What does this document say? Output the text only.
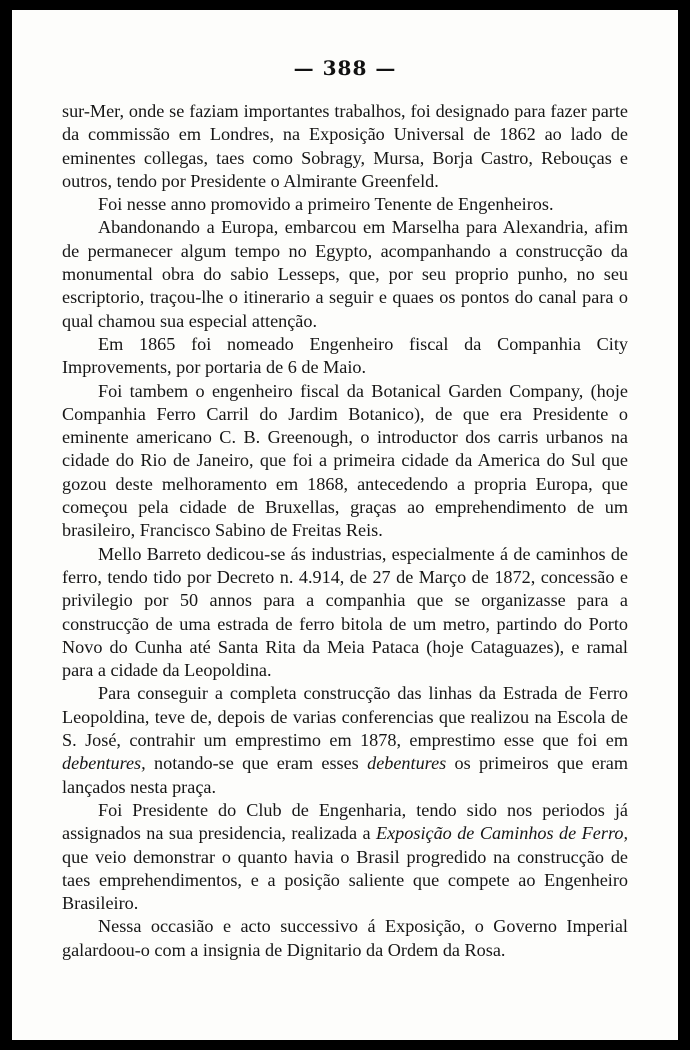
— 388 —

sur-Mer, onde se faziam importantes trabalhos, foi designado para fazer parte da commissão em Londres, na Exposição Universal de 1862 ao lado de eminentes collegas, taes como Sobragy, Mursa, Borja Castro, Rebouças e outros, tendo por Presidente o Almirante Greenfeld.

Foi nesse anno promovido a primeiro Tenente de Engenheiros.

Abandonando a Europa, embarcou em Marselha para Alexandria, afim de permanecer algum tempo no Egypto, acompanhando a construcção da monumental obra do sabio Lesseps, que, por seu proprio punho, no seu escriptorio, traçou-lhe o itinerario a seguir e quaes os pontos do canal para o qual chamou sua especial attenção.

Em 1865 foi nomeado Engenheiro fiscal da Companhia City Improvements, por portaria de 6 de Maio.

Foi tambem o engenheiro fiscal da Botanical Garden Company, (hoje Companhia Ferro Carril do Jardim Botanico), de que era Presidente o eminente americano C. B. Greenough, o introductor dos carris urbanos na cidade do Rio de Janeiro, que foi a primeira cidade da America do Sul que gozou deste melhoramento em 1868, antecedendo a propria Europa, que começou pela cidade de Bruxellas, graças ao emprehendimento de um brasileiro, Francisco Sabino de Freitas Reis.

Mello Barreto dedicou-se ás industrias, especialmente á de caminhos de ferro, tendo tido por Decreto n. 4.914, de 27 de Março de 1872, concessão e privilegio por 50 annos para a companhia que se organizasse para a construcção de uma estrada de ferro bitola de um metro, partindo do Porto Novo do Cunha até Santa Rita da Meia Pataca (hoje Cataguazes), e ramal para a cidade da Leopoldina.

Para conseguir a completa construcção das linhas da Estrada de Ferro Leopoldina, teve de, depois de varias conferencias que realizou na Escola de S. José, contrahir um emprestimo em 1878, emprestimo esse que foi em debentures, notando-se que eram esses debentures os primeiros que eram lançados nesta praça.

Foi Presidente do Club de Engenharia, tendo sido nos periodos já assignados na sua presidencia, realizada a Exposição de Caminhos de Ferro, que veio demonstrar o quanto havia o Brasil progredido na construcção de taes emprehendimentos, e a posição saliente que compete ao Engenheiro Brasileiro.

Nessa occasião e acto successivo á Exposição, o Governo Imperial galardoou-o com a insignia de Dignitario da Ordem da Rosa.
